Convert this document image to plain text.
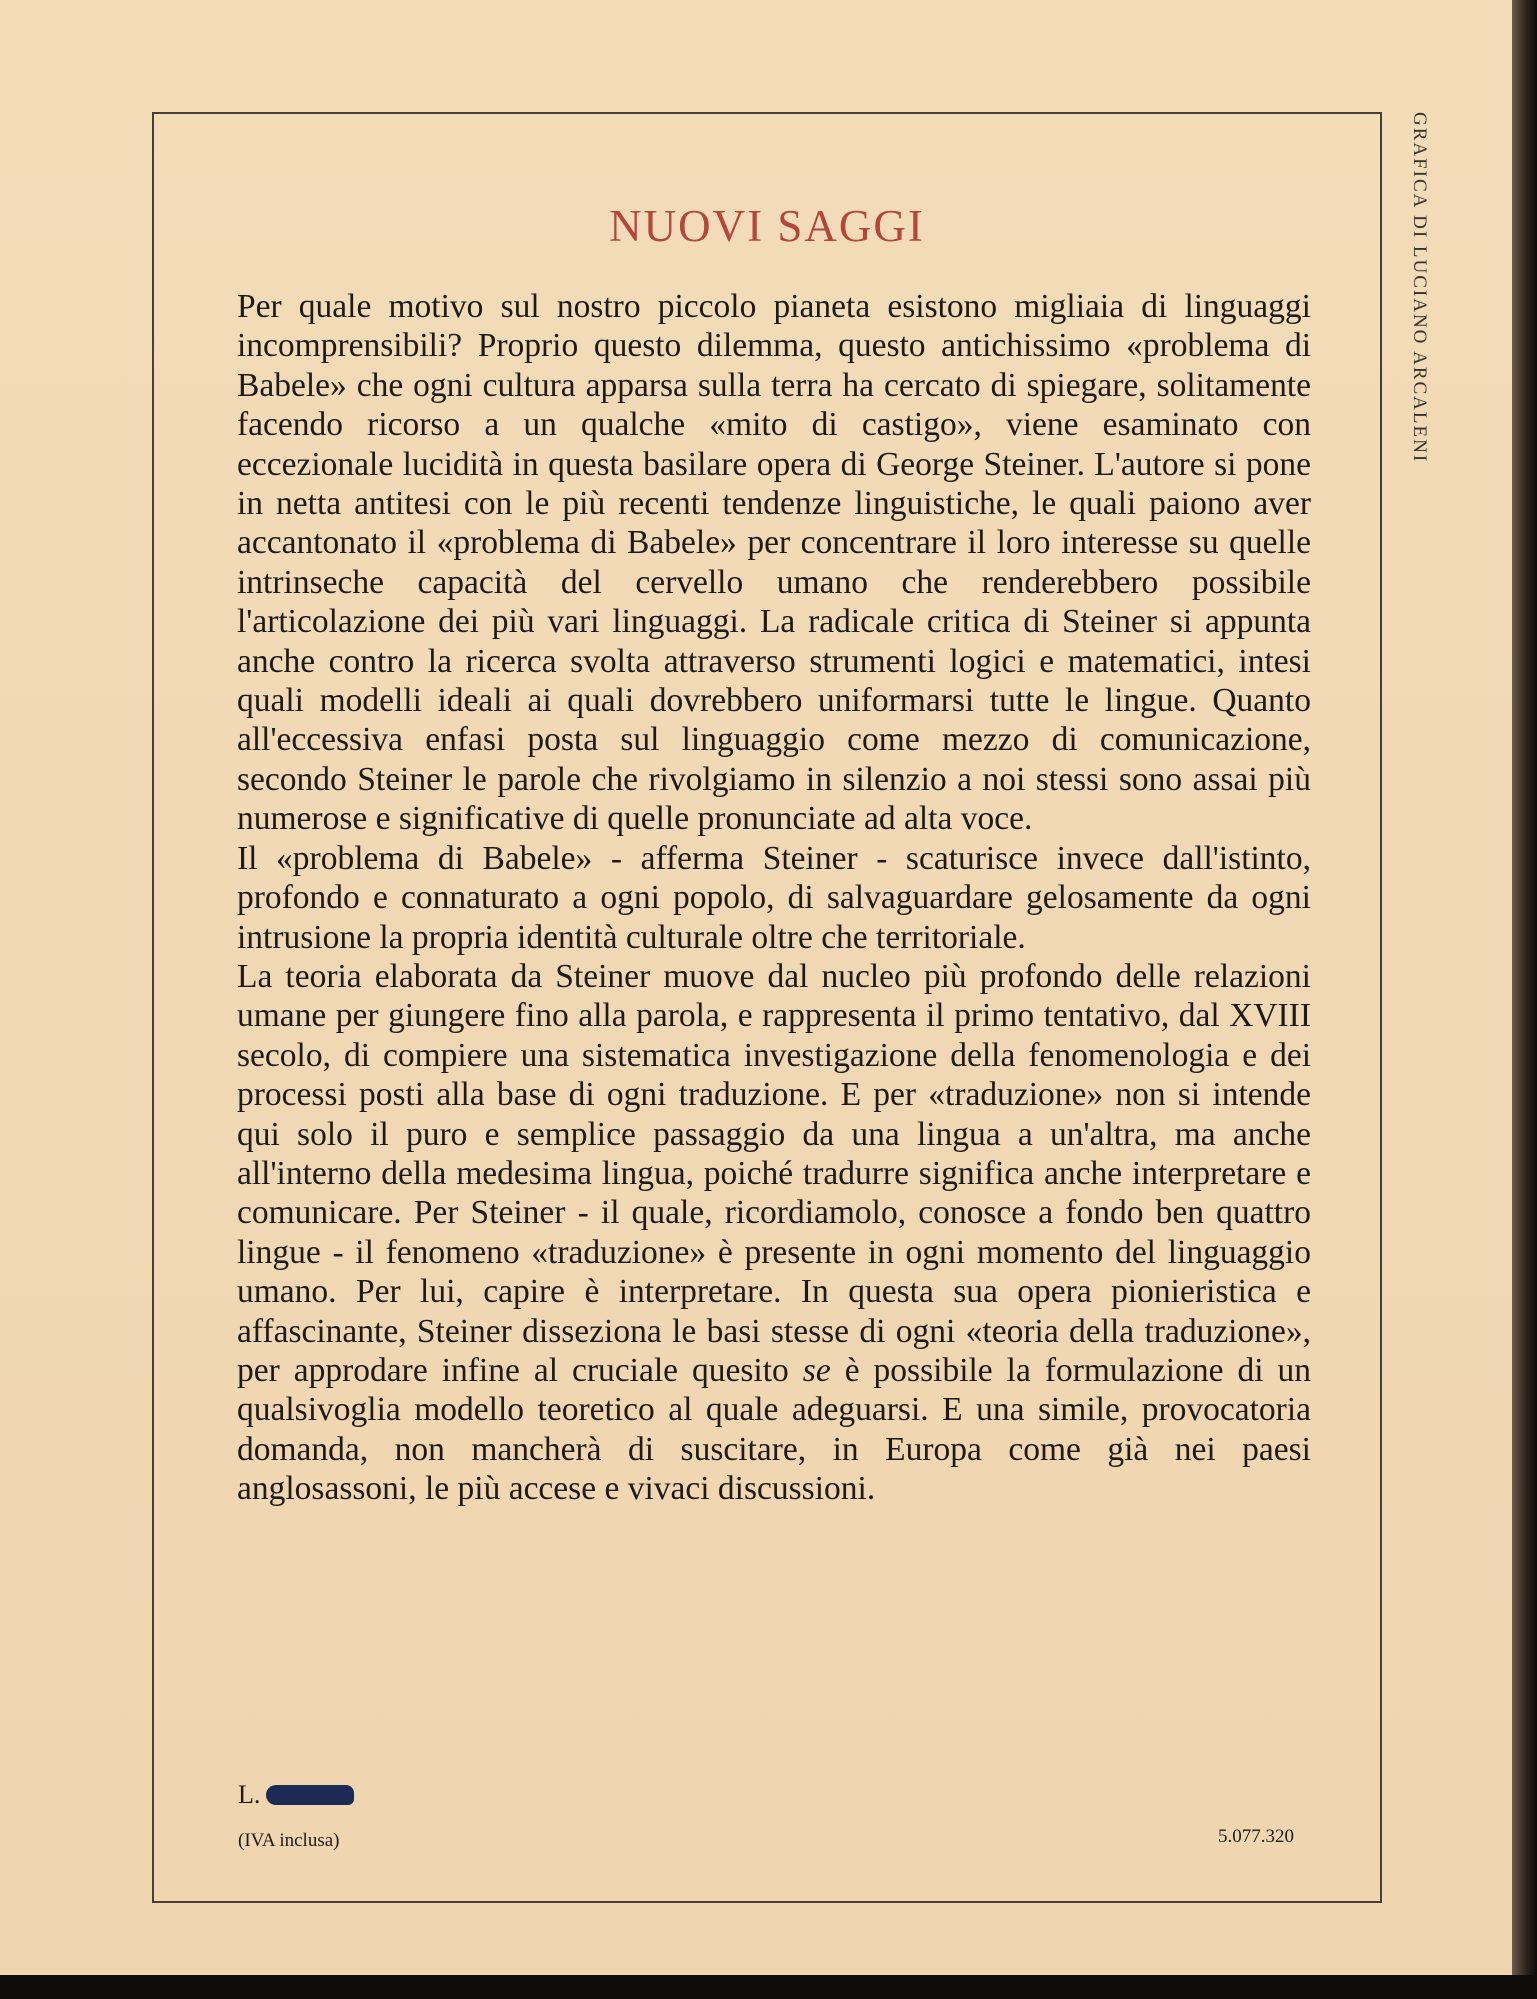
GRAFICA DI LUCIANO ARCALENI
NUOVI SAGGI

Per quale motivo sul nostro piccolo pianeta esistono migliaia di linguaggi incomprensibili? Proprio questo dilemma, questo antichissimo «problema di Babele» che ogni cultura apparsa sulla terra ha cercato di spiegare, solitamente facendo ricorso a un qualche «mito di castigo», viene esaminato con eccezionale lucidità in questa basilare opera di George Steiner. L'autore si pone in netta antitesi con le più recenti tendenze linguistiche, le quali paiono aver accantonato il «problema di Babele» per concentrare il loro interesse su quelle intrinseche capacità del cervello umano che renderebbero possibile l'articolazione dei più vari linguaggi. La radicale critica di Steiner si appunta anche contro la ricerca svolta attraverso strumenti logici e matematici, intesi quali modelli ideali ai quali dovrebbero uniformarsi tutte le lingue. Quanto all'eccessiva enfasi posta sul linguaggio come mezzo di comunicazione, secondo Steiner le parole che rivolgiamo in silenzio a noi stessi sono assai più numerose e significative di quelle pronunciate ad alta voce.

Il «problema di Babele» - afferma Steiner - scaturisce invece dall'istinto, profondo e connaturato a ogni popolo, di salvaguardare gelosamente da ogni intrusione la propria identità culturale oltre che territoriale.

La teoria elaborata da Steiner muove dal nucleo più profondo delle relazioni umane per giungere fino alla parola, e rappresenta il primo tentativo, dal XVIII secolo, di compiere una sistematica investigazione della fenomenologia e dei processi posti alla base di ogni traduzione. E per «traduzione» non si intende qui solo il puro e semplice passaggio da una lingua a un'altra, ma anche all'interno della medesima lingua, poiché tradurre significa anche interpretare e comunicare. Per Steiner - il quale, ricordiamolo, conosce a fondo ben quattro lingue - il fenomeno «traduzione» è presente in ogni momento del linguaggio umano. Per lui, capire è interpretare. In questa sua opera pionieristica e affascinante, Steiner disseziona le basi stesse di ogni «teoria della traduzione», per approdare infine al cruciale quesito se è possibile la formulazione di un qualsivoglia modello teoretico al quale adeguarsi. E una simile, provocatoria domanda, non mancherà di suscitare, in Europa come già nei paesi anglosassoni, le più accese e vivaci discussioni.

L.
(IVA inclusa)	5.077.320
